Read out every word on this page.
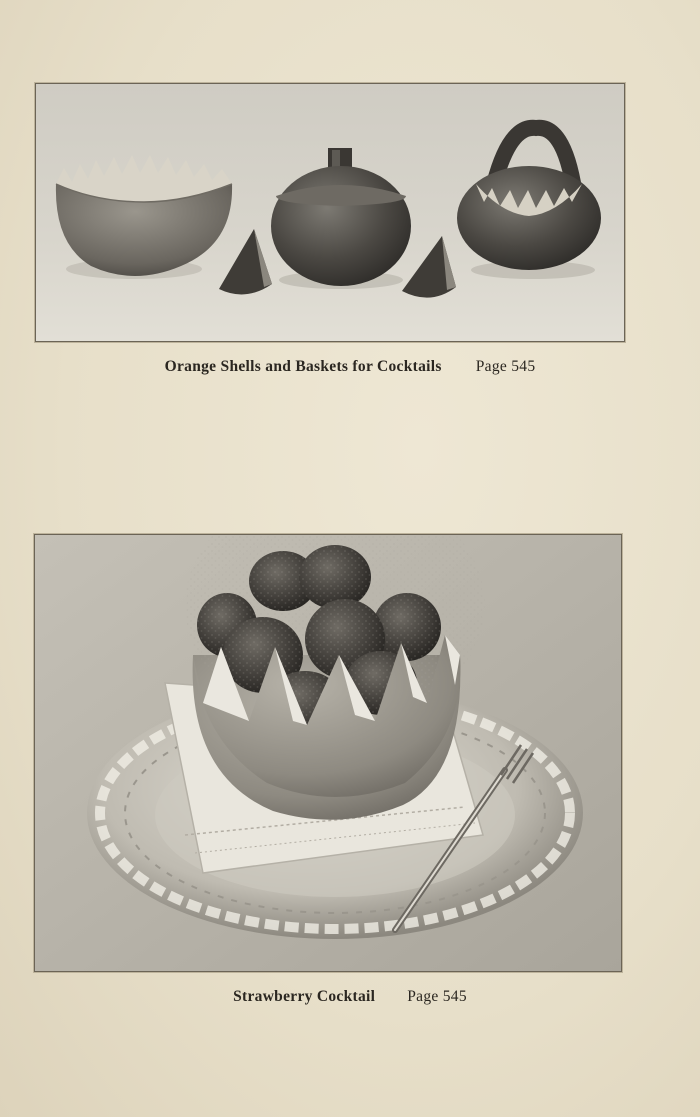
Orange Shells and Baskets for Cocktails Page 545
Strawberry Cocktail Page 545
